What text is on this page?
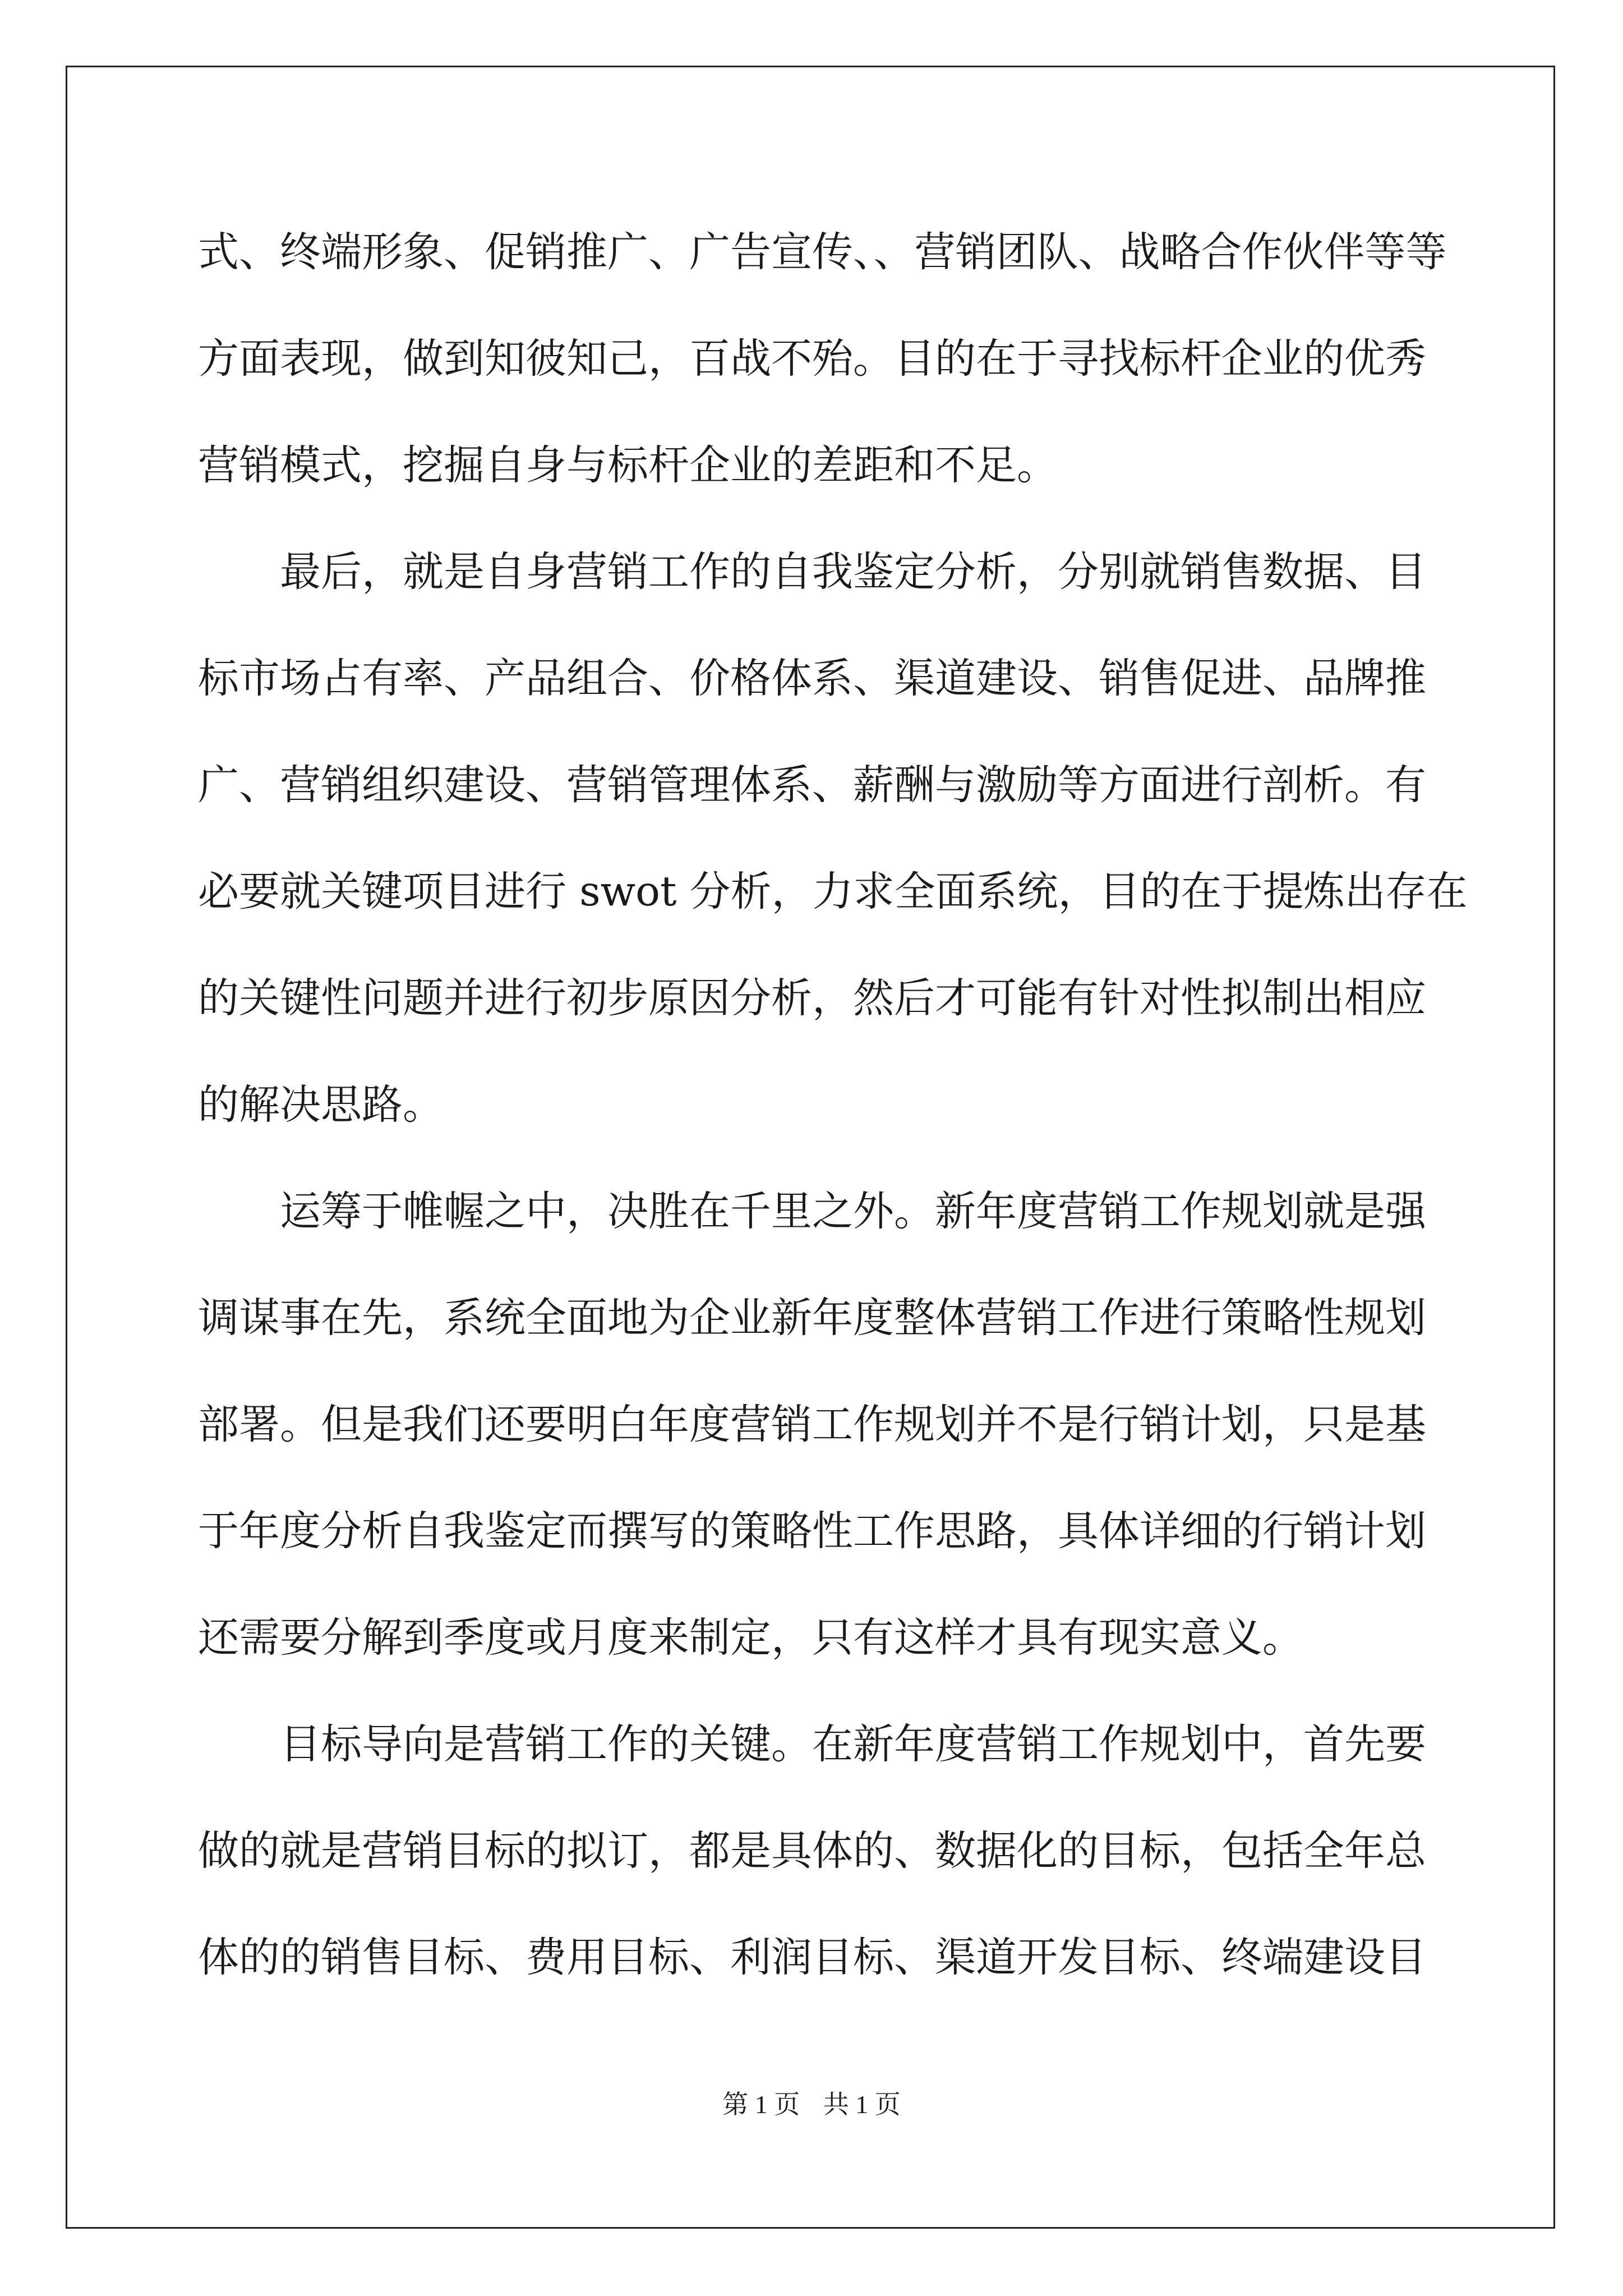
式、终端形象、促销推广、广告宣传、、营销团队、战略合作伙伴等等
方面表现，做到知彼知己，百战不殆。目的在于寻找标杆企业的优秀
营销模式，挖掘自身与标杆企业的差距和不足。
最后，就是自身营销工作的自我鉴定分析，分别就销售数据、目
标市场占有率、产品组合、价格体系、渠道建设、销售促进、品牌推
广、营销组织建设、营销管理体系、薪酬与激励等方面进行剖析。有
必要就关键项目进行 swot 分析，力求全面系统，目的在于提炼出存在
的关键性问题并进行初步原因分析，然后才可能有针对性拟制出相应
的解决思路。
运筹于帷幄之中，决胜在千里之外。新年度营销工作规划就是强
调谋事在先，系统全面地为企业新年度整体营销工作进行策略性规划
部署。但是我们还要明白年度营销工作规划并不是行销计划，只是基
于年度分析自我鉴定而撰写的策略性工作思路，具体详细的行销计划
还需要分解到季度或月度来制定，只有这样才具有现实意义。
目标导向是营销工作的关键。在新年度营销工作规划中，首先要
做的就是营销目标的拟订，都是具体的、数据化的目标，包括全年总
体的的销售目标、费用目标、利润目标、渠道开发目标、终端建设目
第 1 页 共 1 页
